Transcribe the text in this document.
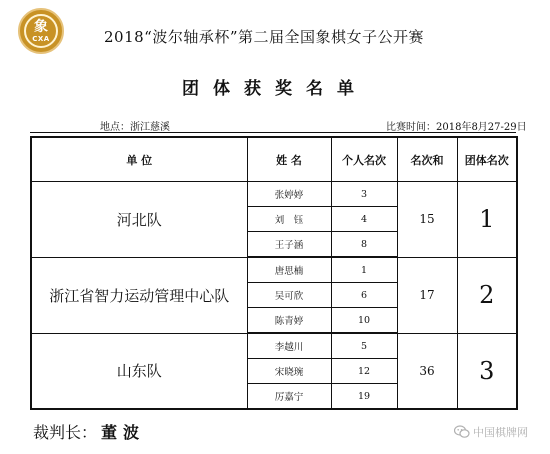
象
CXA	2018“波尔轴承杯”第二届全国象棋女子公开赛
团体获奖名单
地点：浙江慈溪	比赛时间：2018年8月27-29日
单 位	姓 名	个人名次	名次和	团体名次
河北队	张婷婷	3	15	1
	刘　钰	4		
	王子涵	8		
浙江省智力运动管理中心队	唐思楠	1	17	2
	吴可欣	6		
	陈青婷	10		
山东队	李越川	5	36	3
	宋晓琬	12		
	厉嘉宁	19		
裁判长： 董波	中国棋牌网
